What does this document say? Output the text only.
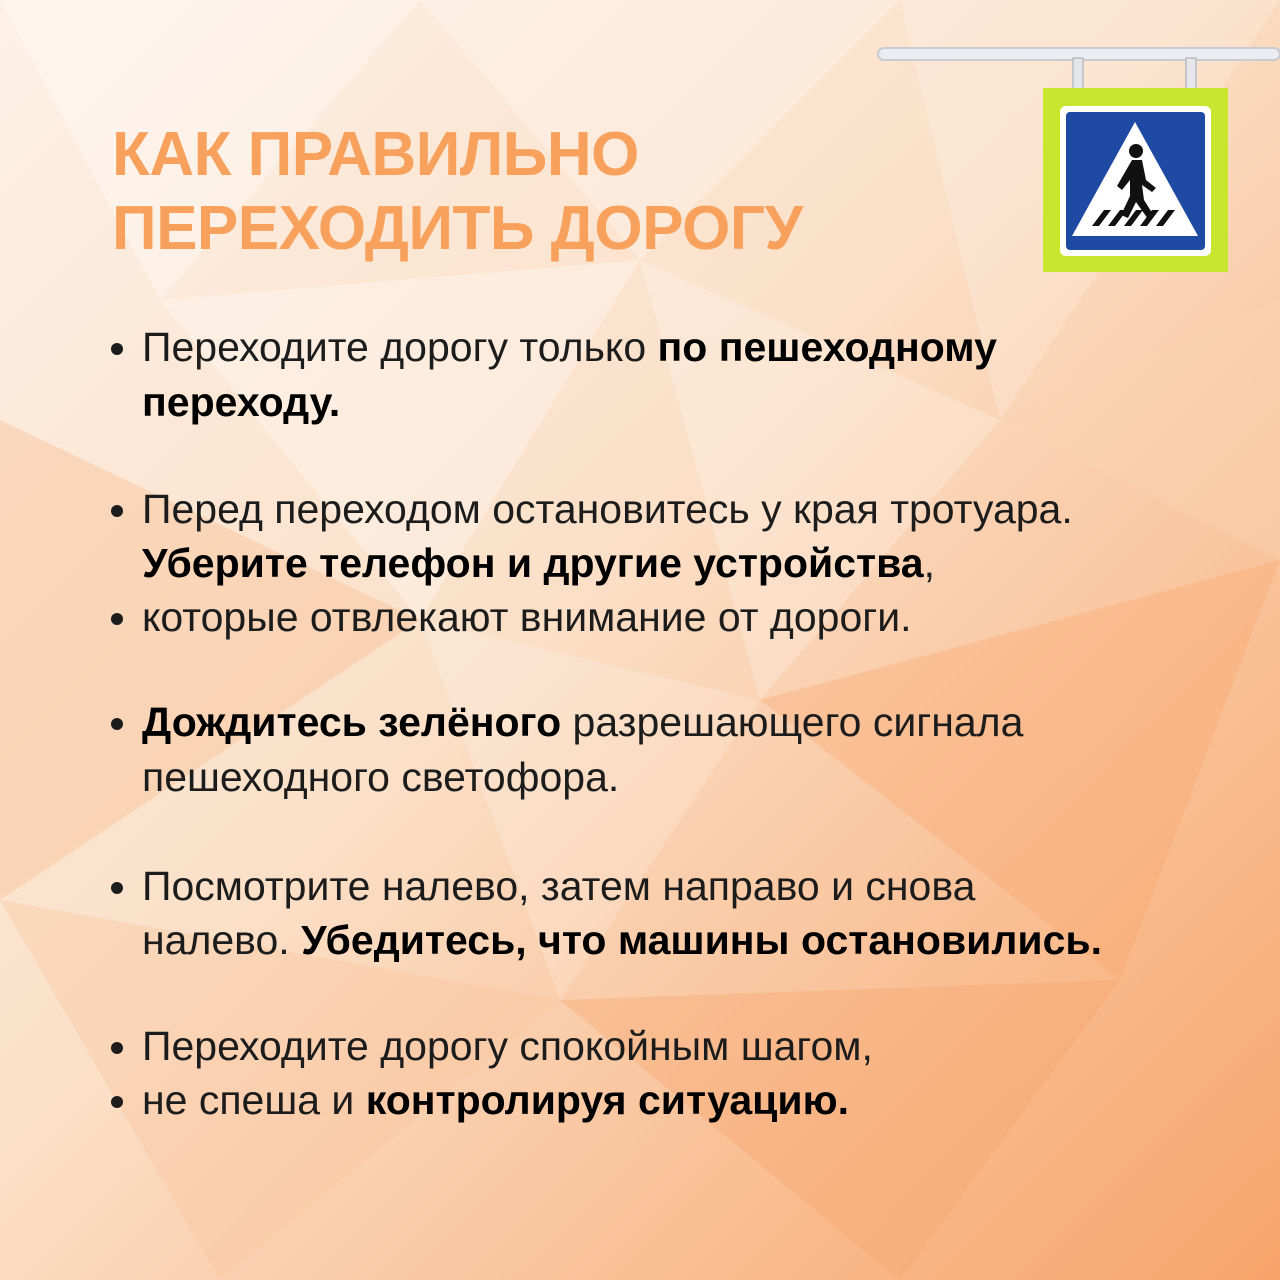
КАК ПРАВИЛЬНО
ПЕРЕХОДИТЬ ДОРОГУ

Переходите дорогу только по пешеходному

переходу.

Перед переходом остановитесь у края тротуара.

Уберите телефон и другие устройства,

которые отвлекают внимание от дороги.

Дождитесь зелёного разрешающего сигнала

пешеходного светофора.

Посмотрите налево, затем направо и снова

налево. Убедитесь, что машины остановились.

Переходите дорогу спокойным шагом,

не спеша и контролируя ситуацию.
